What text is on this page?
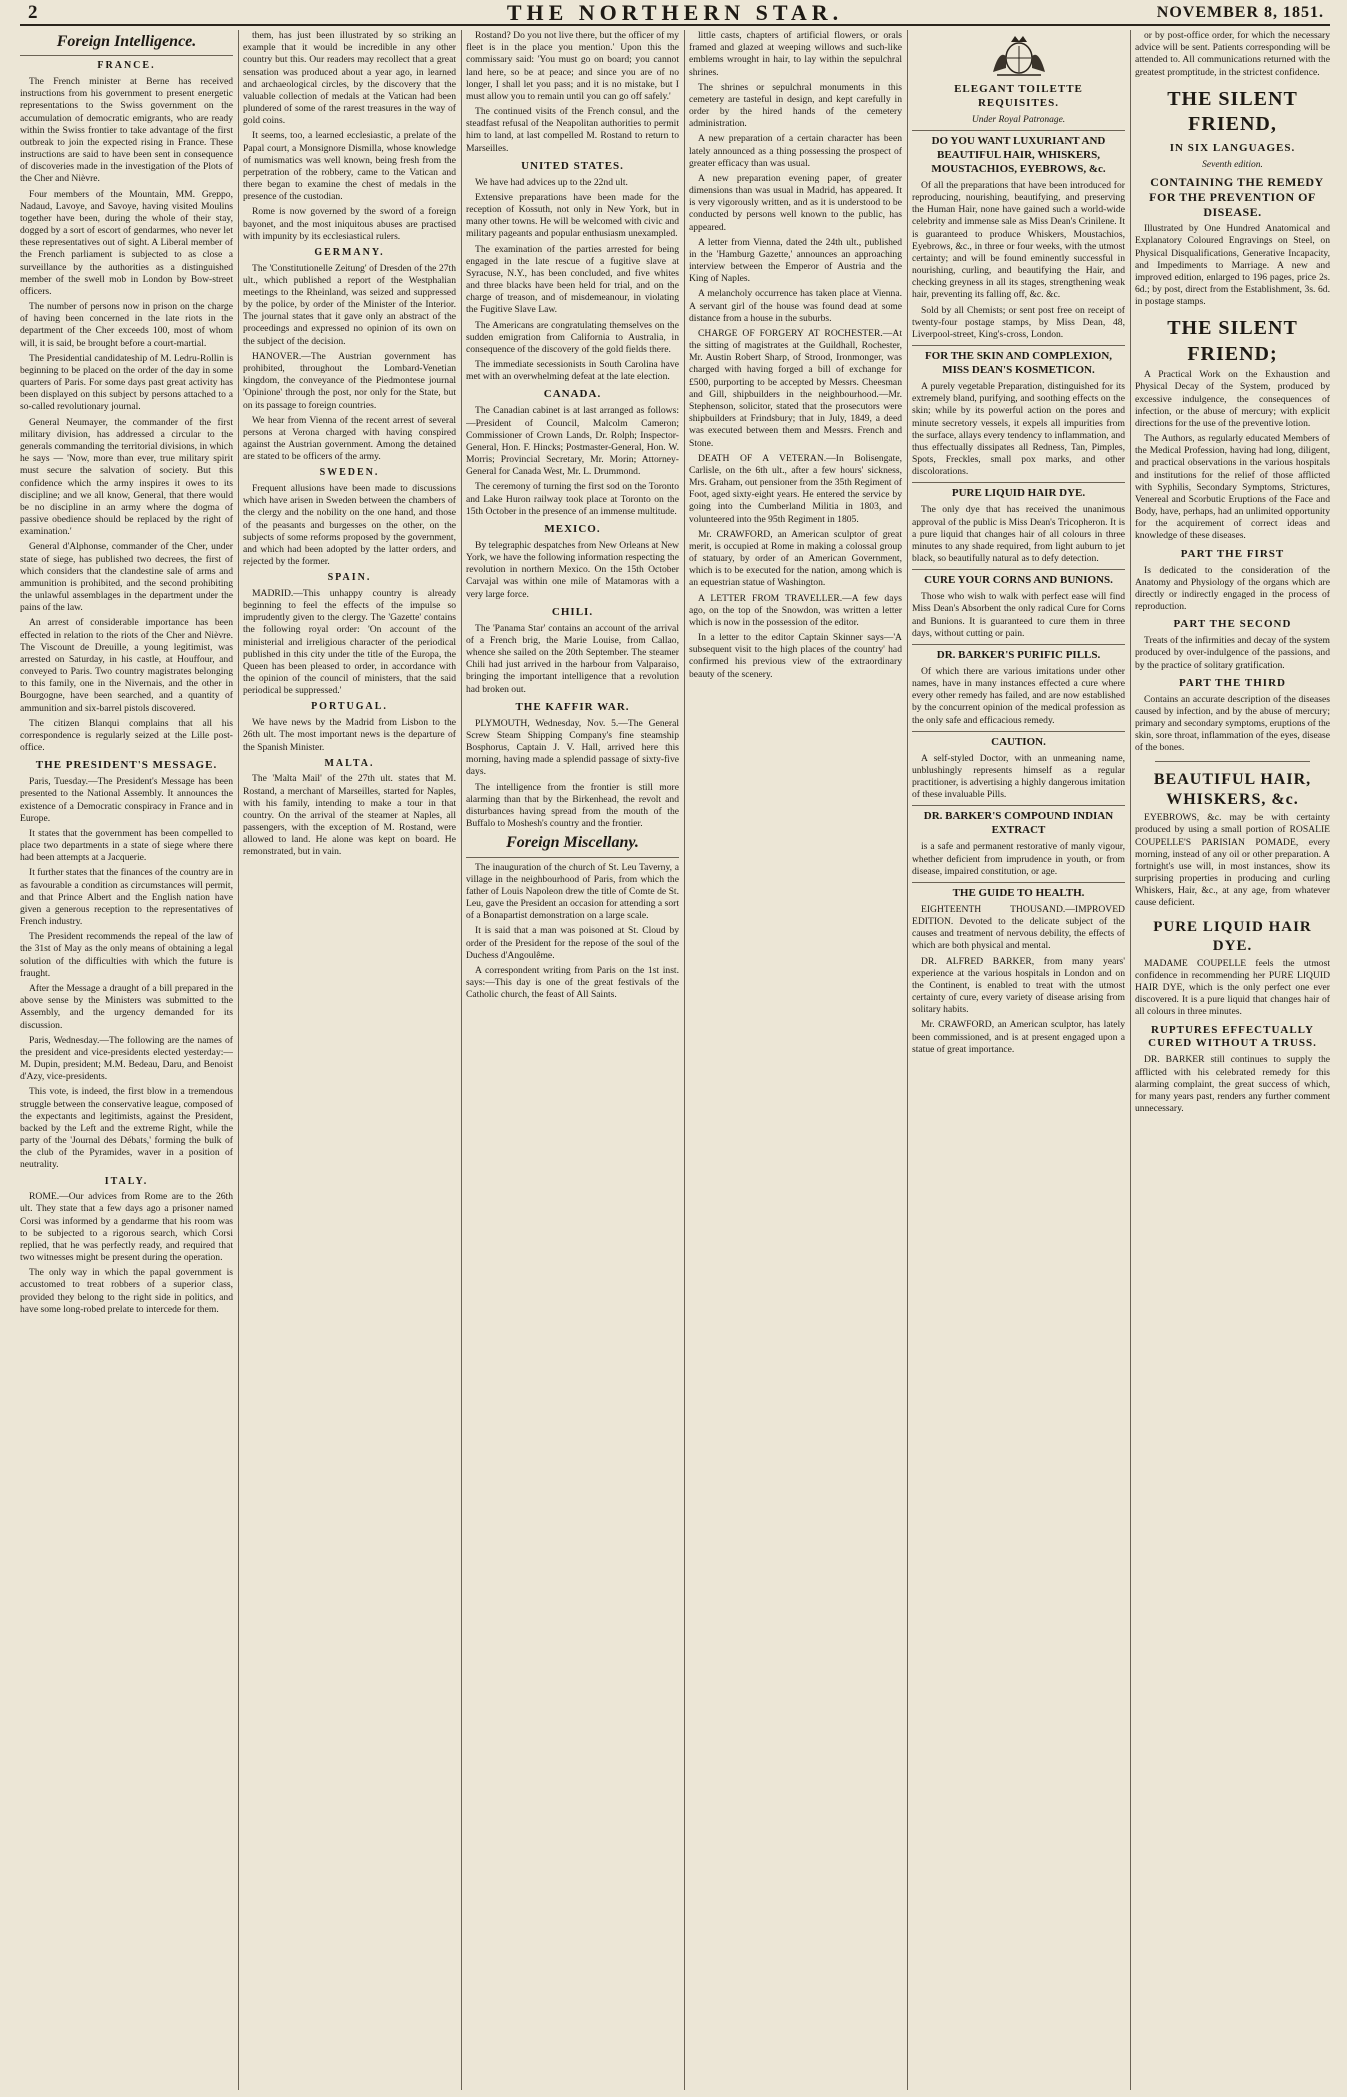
2	THE NORTHERN STAR.	NOVEMBER 8, 1851.
Foreign Intelligence.
FRANCE.

The French minister at Berne has received instructions from his government to present energetic representations to the Swiss government on the accumulation of democratic emigrants, who are ready within the Swiss frontier to take advantage of the first outbreak to join the expected rising in France. These instructions are said to have been sent in consequence of discoveries made in the investigation of the Plots of the Cher and Nièvre.

Four members of the Mountain, MM. Greppo, Nadaud, Lavoye, and Savoye, having visited Moulins together have been, during the whole of their stay, dogged by a sort of escort of gendarmes, who never let these representatives out of sight. A Liberal member of the French parliament is subjected to as close a surveillance by the authorities as a distinguished member of the swell mob in London by Bow-street officers.

The number of persons now in prison on the charge of having been concerned in the late riots in the department of the Cher exceeds 100, most of whom will, it is said, be brought before a court-martial.

The Presidential candidateship of M. Ledru-Rollin is beginning to be placed on the order of the day in some quarters of Paris. For some days past great activity has been displayed on this subject by persons attached to a so-called revolutionary journal.

General Neumayer, the commander of the first military division, has addressed a circular to the generals commanding the territorial divisions, in which he says — 'Now, more than ever, true military spirit must secure the salvation of society. But this confidence which the army inspires it owes to its discipline; and we all know, General, that there would be no discipline in an army where the dogma of passive obedience should be replaced by the right of examination.'

General d'Alphonse, commander of the Cher, under state of siege, has published two decrees, the first of which considers that the clandestine sale of arms and ammunition is prohibited, and the second prohibiting the unlawful assemblages in the department under the pains of the law.

An arrest of considerable importance has been effected in relation to the riots of the Cher and Nièvre. The Viscount de Dreuille, a young legitimist, was arrested on Saturday, in his castle, at Houffour, and conveyed to Paris. Two country magistrates belonging to this family, one in the Nivernais, and the other in Bourgogne, have been searched, and a quantity of ammunition and six-barrel pistols discovered.

The citizen Blanqui complains that all his correspondence is regularly seized at the Lille post-office.

THE PRESIDENT'S MESSAGE.

Paris, Tuesday.—The President's Message has been presented to the National Assembly. It announces the existence of a Democratic conspiracy in France and in Europe.

It states that the government has been compelled to place two departments in a state of siege where there had been attempts at a Jacquerie.

It further states that the finances of the country are in as favourable a condition as circumstances will permit, and that Prince Albert and the English nation have given a generous reception to the representatives of French industry.

The President recommends the repeal of the law of the 31st of May as the only means of obtaining a legal solution of the difficulties with which the future is fraught.

After the Message a draught of a bill prepared in the above sense by the Ministers was submitted to the Assembly, and the urgency demanded for its discussion.

Paris, Wednesday.—The following are the names of the president and vice-presidents elected yesterday:— M. Dupin, president; M.M. Bedeau, Daru, and Benoist d'Azy, vice-presidents.

This vote, is indeed, the first blow in a tremendous struggle between the conservative league, composed of the expectants and legitimists, against the President, backed by the Left and the extreme Right, while the party of the 'Journal des Débats,' forming the bulk of the club of the Pyramides, waver in a position of neutrality.

ITALY.

ROME.—Our advices from Rome are to the 26th ult. They state that a few days ago a prisoner named Corsi was informed by a gendarme that his room was to be subjected to a rigorous search, which Corsi replied, that he was perfectly ready, and required that two witnesses might be present during the operation.

The only way in which the papal government is accustomed to treat robbers of a superior class, provided they belong to the right side in politics, and have some long-robed prelate to intercede for them.

them, has just been illustrated by so striking an example that it would be incredible in any other country but this. Our readers may recollect that a great sensation was produced about a year ago, in learned and archaeological circles, by the discovery that the valuable collection of medals at the Vatican had been plundered of some of the rarest treasures in the way of gold coins.

It seems, too, a learned ecclesiastic, a prelate of the Papal court, a Monsignore Dismilla, whose knowledge of numismatics was well known, being fresh from the perpetration of the robbery, came to the Vatican and there began to examine the chest of medals in the presence of the custodian.

Rome is now governed by the sword of a foreign bayonet, and the most iniquitous abuses are practised with impunity by its ecclesiastical rulers.

GERMANY.

The 'Constitutionelle Zeitung' of Dresden of the 27th ult., which published a report of the Westphalian meetings to the Rheinland, was seized and suppressed by the police, by order of the Minister of the Interior. The journal states that it gave only an abstract of the proceedings and expressed no opinion of its own on the subject of the decision.

HANOVER.—The Austrian government has prohibited, throughout the Lombard-Venetian kingdom, the conveyance of the Piedmontese journal 'Opinione' through the post, nor only for the State, but on its passage to foreign countries.

We hear from Vienna of the recent arrest of several persons at Verona charged with having conspired against the Austrian government. Among the detained are stated to be officers of the army.

SWEDEN.

Frequent allusions have been made to discussions which have arisen in Sweden between the chambers of the clergy and the nobility on the one hand, and those of the peasants and burgesses on the other, on the subjects of some reforms proposed by the government, and which had been adopted by the latter orders, and rejected by the former.

SPAIN.

MADRID.—This unhappy country is already beginning to feel the effects of the impulse so imprudently given to the clergy. The 'Gazette' contains the following royal order: 'On account of the ministerial and irreligious character of the periodical published in this city under the title of the Europa, the Queen has been pleased to order, in accordance with the opinion of the council of ministers, that the said periodical be suppressed.'

PORTUGAL.

We have news by the Madrid from Lisbon to the 26th ult. The most important news is the departure of the Spanish Minister.

MALTA.

The 'Malta Mail' of the 27th ult. states that M. Rostand, a merchant of Marseilles, started for Naples, with his family, intending to make a tour in that country. On the arrival of the steamer at Naples, all passengers, with the exception of M. Rostand, were allowed to land. He alone was kept on board. He remonstrated, but in vain.

Rostand? Do you not live there, but the officer of my fleet is in the place you mention.' Upon this the commissary said: 'You must go on board; you cannot land here, so be at peace; and since you are of no longer, I shall let you pass; and it is no mistake, but I must allow you to remain until you can go off safely.'

The continued visits of the French consul, and the steadfast refusal of the Neapolitan authorities to permit him to land, at last compelled M. Rostand to return to Marseilles.

UNITED STATES.

We have had advices up to the 22nd ult.

Extensive preparations have been made for the reception of Kossuth, not only in New York, but in many other towns. He will be welcomed with civic and military pageants and popular enthusiasm unexampled.

The examination of the parties arrested for being engaged in the late rescue of a fugitive slave at Syracuse, N.Y., has been concluded, and five whites and three blacks have been held for trial, and on the charge of treason, and of misdemeanour, in violating the Fugitive Slave Law.

The Americans are congratulating themselves on the sudden emigration from California to Australia, in consequence of the discovery of the gold fields there.

The immediate secessionists in South Carolina have met with an overwhelming defeat at the late election.

CANADA.

The Canadian cabinet is at last arranged as follows:—President of Council, Malcolm Cameron; Commissioner of Crown Lands, Dr. Rolph; Inspector-General, Hon. F. Hincks; Postmaster-General, Hon. W. Morris; Provincial Secretary, Mr. Morin; Attorney-General for Canada West, Mr. L. Drummond.

The ceremony of turning the first sod on the Toronto and Lake Huron railway took place at Toronto on the 15th October in the presence of an immense multitude.

MEXICO.

By telegraphic despatches from New Orleans at New York, we have the following information respecting the revolution in northern Mexico. On the 15th October Carvajal was within one mile of Matamoras with a very large force.

CHILI.

The 'Panama Star' contains an account of the arrival of a French brig, the Marie Louise, from Callao, whence she sailed on the 20th September. The steamer Chili had just arrived in the harbour from Valparaiso, bringing the important intelligence that a revolution had broken out.

THE KAFFIR WAR.

PLYMOUTH, Wednesday, Nov. 5.—The General Screw Steam Shipping Company's fine steamship Bosphorus, Captain J. V. Hall, arrived here this morning, having made a splendid passage of sixty-five days.

The intelligence from the frontier is still more alarming than that by the Birkenhead, the revolt and disturbances having spread from the mouth of the Buffalo to Moshesh's country and the frontier.

Foreign Miscellany.

The inauguration of the church of St. Leu Taverny, a village in the neighbourhood of Paris, from which the father of Louis Napoleon drew the title of Comte de St. Leu, gave the President an occasion for attending a sort of a Bonapartist demonstration on a large scale.

It is said that a man was poisoned at St. Cloud by order of the President for the repose of the soul of the Duchess d'Angoulême.

A correspondent writing from Paris on the 1st inst. says:—This day is one of the great festivals of the Catholic church, the feast of All Saints.

little casts, chapters of artificial flowers, or orals framed and glazed at weeping willows and such-like emblems wrought in hair, to lay within the sepulchral shrines.

The shrines or sepulchral monuments in this cemetery are tasteful in design, and kept carefully in order by the hired hands of the cemetery administration.

A new preparation of a certain character has been lately announced as a thing possessing the prospect of greater efficacy than was usual.

A new preparation evening paper, of greater dimensions than was usual in Madrid, has appeared. It is very vigorously written, and as it is understood to be conducted by persons well known to the public, has appeared.

A letter from Vienna, dated the 24th ult., published in the 'Hamburg Gazette,' announces an approaching interview between the Emperor of Austria and the King of Naples.

A melancholy occurrence has taken place at Vienna. A servant girl of the house was found dead at some distance from a house in the suburbs.

CHARGE OF FORGERY AT ROCHESTER.—At the sitting of magistrates at the Guildhall, Rochester, Mr. Austin Robert Sharp, of Strood, Ironmonger, was charged with having forged a bill of exchange for £500, purporting to be accepted by Messrs. Cheesman and Gill, shipbuilders in the neighbourhood.—Mr. Stephenson, solicitor, stated that the prosecutors were shipbuilders at Frindsbury; that in July, 1849, a deed was executed between them and Messrs. French and Stone.

DEATH OF A VETERAN.—In Bolisengate, Carlisle, on the 6th ult., after a few hours' sickness, Mrs. Graham, out pensioner from the 35th Regiment of Foot, aged sixty-eight years. He entered the service by going into the Cumberland Militia in 1803, and volunteered into the 95th Regiment in 1805.

Mr. CRAWFORD, an American sculptor of great merit, is occupied at Rome in making a colossal group of statuary, by order of an American Government, which is to be executed for the nation, among which is an equestrian statue of Washington.

A LETTER FROM TRAVELLER.—A few days ago, on the top of the Snowdon, was written a letter which is now in the possession of the editor.

In a letter to the editor Captain Skinner says—'A subsequent visit to the high places of the country' had confirmed his previous view of the extraordinary beauty of the scenery.

ELEGANT TOILETTE REQUISITES.
Under Royal Patronage.

DO YOU WANT LUXURIANT AND BEAUTIFUL HAIR, WHISKERS, MOUSTACHIOS, EYEBROWS, &c.

Of all the preparations that have been introduced for reproducing, nourishing, beautifying, and preserving the Human Hair, none have gained such a world-wide celebrity and immense sale as Miss Dean's Crinilene. It is guaranteed to produce Whiskers, Moustachios, Eyebrows, &c., in three or four weeks, with the utmost certainty; and will be found eminently successful in nourishing, curling, and beautifying the Hair, and checking greyness in all its stages, strengthening weak hair, preventing its falling off, &c. &c.

Sold by all Chemists; or sent post free on receipt of twenty-four postage stamps, by Miss Dean, 48, Liverpool-street, King's-cross, London.

FOR THE SKIN AND COMPLEXION, MISS DEAN'S KOSMETICON.

A purely vegetable Preparation, distinguished for its extremely bland, purifying, and soothing effects on the skin; while by its powerful action on the pores and minute secretory vessels, it expels all impurities from the surface, allays every tendency to inflammation, and thus effectually dissipates all Redness, Tan, Pimples, Spots, Freckles, small pox marks, and other discolorations.

PURE LIQUID HAIR DYE.

The only dye that has received the unanimous approval of the public is Miss Dean's Tricopheron. It is a pure liquid that changes hair of all colours in three minutes to any shade required, from light auburn to jet black, so beautifully natural as to defy detection.

CURE YOUR CORNS AND BUNIONS.

Those who wish to walk with perfect ease will find Miss Dean's Absorbent the only radical Cure for Corns and Bunions. It is guaranteed to cure them in three days, without cutting or pain.

DR. BARKER'S PURIFIC PILLS.

Of which there are various imitations under other names, have in many instances effected a cure where every other remedy has failed, and are now established by the concurrent opinion of the medical profession as the only safe and efficacious remedy.

CAUTION.

A self-styled Doctor, with an unmeaning name, unblushingly represents himself as a regular practitioner, is advertising a highly dangerous imitation of these invaluable Pills.

DR. BARKER'S COMPOUND INDIAN EXTRACT

is a safe and permanent restorative of manly vigour, whether deficient from imprudence in youth, or from disease, impaired constitution, or age.

THE GUIDE TO HEALTH.

EIGHTEENTH THOUSAND.—IMPROVED EDITION. Devoted to the delicate subject of the causes and treatment of nervous debility, the effects of which are both physical and mental.

DR. ALFRED BARKER, from many years' experience at the various hospitals in London and on the Continent, is enabled to treat with the utmost certainty of cure, every variety of disease arising from solitary habits.

Mr. CRAWFORD, an American sculptor, has lately been commissioned, and is at present engaged upon a statue of great importance.

or by post-office order, for which the necessary advice will be sent. Patients corresponding will be attended to. All communications returned with the greatest promptitude, in the strictest confidence.

THE SILENT FRIEND,
IN SIX LANGUAGES.
Seventh edition.

CONTAINING THE REMEDY FOR THE PREVENTION OF DISEASE.

Illustrated by One Hundred Anatomical and Explanatory Coloured Engravings on Steel, on Physical Disqualifications, Generative Incapacity, and Impediments to Marriage. A new and improved edition, enlarged to 196 pages, price 2s. 6d.; by post, direct from the Establishment, 3s. 6d. in postage stamps.

THE SILENT FRIEND;

A Practical Work on the Exhaustion and Physical Decay of the System, produced by excessive indulgence, the consequences of infection, or the abuse of mercury; with explicit directions for the use of the preventive lotion.

The Authors, as regularly educated Members of the Medical Profession, having had long, diligent, and practical observations in the various hospitals and institutions for the relief of those afflicted with Syphilis, Secondary Symptoms, Strictures, Venereal and Scorbutic Eruptions of the Face and Body, have, perhaps, had an unlimited opportunity for the acquirement of correct ideas and knowledge of these diseases.

PART THE FIRST

Is dedicated to the consideration of the Anatomy and Physiology of the organs which are directly or indirectly engaged in the process of reproduction.

PART THE SECOND

Treats of the infirmities and decay of the system produced by over-indulgence of the passions, and by the practice of solitary gratification.

PART THE THIRD

Contains an accurate description of the diseases caused by infection, and by the abuse of mercury; primary and secondary symptoms, eruptions of the skin, sore throat, inflammation of the eyes, disease of the bones.

BEAUTIFUL HAIR, WHISKERS, &c.

EYEBROWS, &c. may be with certainty produced by using a small portion of ROSALIE COUPELLE'S PARISIAN POMADE, every morning, instead of any oil or other preparation. A fortnight's use will, in most instances, show its surprising properties in producing and curling Whiskers, Hair, &c., at any age, from whatever cause deficient.

PURE LIQUID HAIR DYE.

MADAME COUPELLE feels the utmost confidence in recommending her PURE LIQUID HAIR DYE, which is the only perfect one ever discovered. It is a pure liquid that changes hair of all colours in three minutes.

RUPTURES EFFECTUALLY CURED WITHOUT A TRUSS.

DR. BARKER still continues to supply the afflicted with his celebrated remedy for this alarming complaint, the great success of which, for many years past, renders any further comment unnecessary.
